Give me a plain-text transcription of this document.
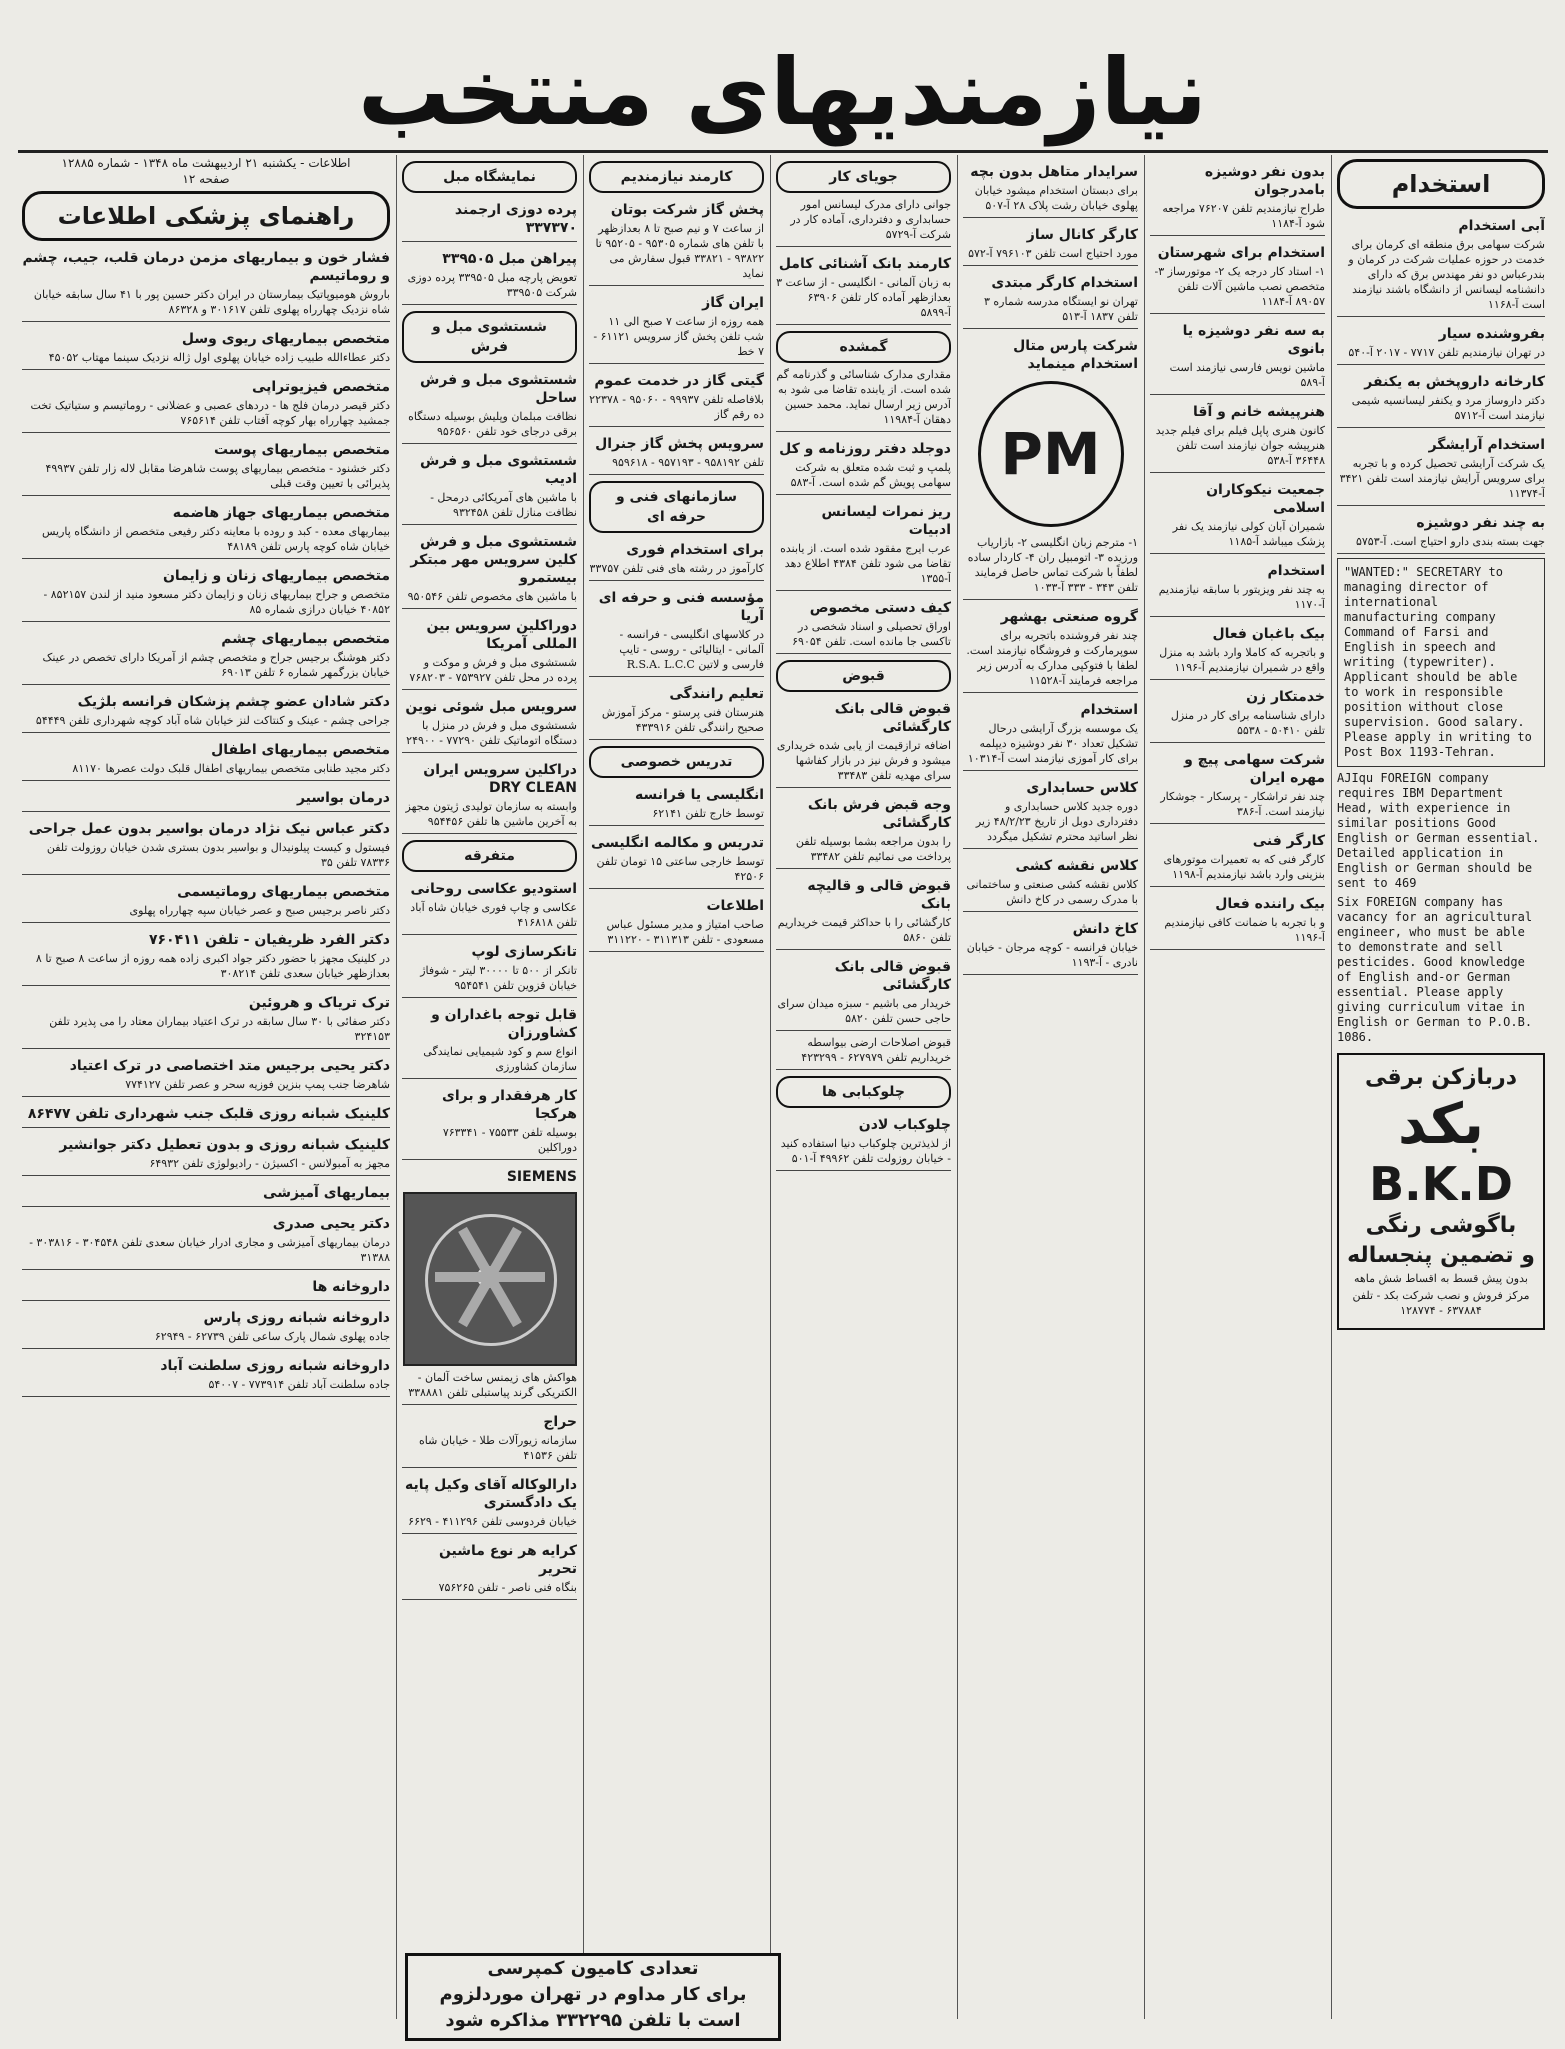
نیازمندیهای منتخب
اطلاعات - یکشنبه ۲۱ اردیبهشت ماه ۱۳۴۸ - شماره ۱۲۸۸۵
صفحه ۱۲
راهنمای پزشکی اطلاعات
فشار خون و بیماریهای مزمن درمان قلب، جیب، چشم و روماتیسم
باروش هومیوپاتیک بیمارستان در ایران دکتر حسین پور با ۴۱ سال سابقه خیابان شاه نزدیک چهارراه پهلوی تلفن ۳۰۱۶۱۷ و ۸۶۳۲۸
متخصص بیماریهای ریوی وسل
دکتر عطاءالله طبیب زاده خیابان پهلوی اول ژاله نزدیک سینما مهتاب ۴۵۰۵۲
متخصص فیزیوتراپی
دکتر قیصر درمان فلج ها - دردهای عصبی و عضلانی - روماتیسم و ستیاتیک تخت جمشید چهارراه بهار کوچه آفتاب تلفن ۷۶۵۶۱۴
متخصص بیماریهای پوست
دکتر خشنود - متخصص بیماریهای پوست شاهرضا مقابل لاله زار تلفن ۴۹۹۳۷ پذیرائی با تعیین وقت قبلی
متخصص بیماریهای جهاز هاضمه
بیماریهای معده - کبد و روده با معاینه دکتر رفیعی متخصص از دانشگاه پاریس خیابان شاه کوچه پارس تلفن ۴۸۱۸۹
متخصص بیماریهای زنان و زایمان
متخصص و جراح بیماریهای زنان و زایمان دکتر مسعود منید از لندن ۸۵۲۱۵۷ - ۴۰۸۵۲ خیابان درازی شماره ۸۵
متخصص بیماریهای چشم
دکتر هوشنگ برجیس جراح و متخصص چشم از آمریکا دارای تخصص در عینک خیابان بزرگمهر شماره ۶ تلفن ۶۹۰۱۳
دکتر شادان عضو چشم پزشکان فرانسه بلژیک
جراحی چشم - عینک و کنتاکت لنز خیابان شاه آباد کوچه شهرداری تلفن ۵۴۴۴۹
متخصص بیماریهای اطفال
دکتر مجید طنابی متخصص بیماریهای اطفال قلبک دولت عصرها ۸۱۱۷۰
درمان بواسیر
دکتر عباس نیک نژاد درمان بواسیر بدون عمل جراحی
فیستول و کیست پیلونیدال و بواسیر بدون بستری شدن خیابان روزولت تلفن ۷۸۳۳۶ تلفن ۳۵
متخصص بیماریهای روماتیسمی
دکتر ناصر برجیس صبح و عصر خیابان سپه چهارراه پهلوی
دکتر الفرد ظریفیان - تلفن ۷۶۰۴۱۱
در کلینیک مجهز با حضور دکتر جواد اکبری زاده همه روزه از ساعت ۸ صبح تا ۸ بعدازظهر خیابان سعدی تلفن ۳۰۸۲۱۴
ترک تریاک و هروئین
دکتر صفائی با ۳۰ سال سابقه در ترک اعتیاد بیماران معتاد را می پذیرد تلفن ۳۲۴۱۵۳
دکتر یحیی برجیس متد اختصاصی در ترک اعتیاد
شاهرضا جنب پمپ بنزین فوزیه سحر و عصر تلفن ۷۷۴۱۲۷
کلینیک شبانه روزی قلبک جنب شهرداری تلفن ۸۶۴۷۷
کلینیک شبانه روزی و بدون تعطیل دکتر جوانشیر
مجهز به آمبولانس - اکسیژن - رادیولوژی تلفن ۶۴۹۳۲
بیماریهای آمیزشی
دکتر یحیی صدری
درمان بیماریهای آمیزشی و مجاری ادرار خیابان سعدی تلفن ۳۰۴۵۴۸ - ۳۰۳۸۱۶ - ۳۱۳۸۸
داروخانه ها
داروخانه شبانه روزی پارس
جاده پهلوی شمال پارک ساعی تلفن ۶۲۷۳۹ - ۶۲۹۴۹
داروخانه شبانه روزی سلطنت آباد
جاده سلطنت آباد تلفن ۷۷۳۹۱۴ - ۵۴۰۰۷
نمایشگاه مبل
پرده دوزی ارجمند ۳۳۷۳۷۰
پیراهن مبل ۳۳۹۵۰۵
تعویض پارچه مبل ۳۳۹۵۰۵ پرده دوزی شرکت ۳۳۹۵۰۵
شستشوی مبل و فرش
شستشوی مبل و فرش ساحل
نظافت مبلمان وپلیش بوسیله دستگاه برقی درجای خود تلفن ۹۵۶۵۶۰
شستشوی مبل و فرش ادیب
با ماشین های آمریکائی درمحل - نظافت منازل تلفن ۹۳۲۴۵۸
شستشوی مبل و فرش کلین سرویس مهر مبتکر بیستمرو
با ماشین های مخصوص تلفن ۹۵۰۵۴۶
دوراکلین سرویس بین المللی آمریکا
شستشوی مبل و فرش و موکت و پرده در محل تلفن ۷۵۳۹۲۷ - ۷۶۸۲۰۳
سرویس مبل شوئی نوین
شستشوی مبل و فرش در منزل با دستگاه اتوماتیک تلفن ۷۷۲۹۰ - ۲۴۹۰۰
دراکلین سرویس ایران DRY CLEAN
وابسته به سازمان تولیدی ژیتون مجهز به آخرین ماشین ها تلفن ۹۵۴۴۵۶
متفرقه
استودیو عکاسی روحانی
عکاسی و چاپ فوری خیابان شاه آباد تلفن ۴۱۶۸۱۸
تانکرسازی لوپ
تانکر از ۵۰۰ تا ۳۰۰۰۰ لیتر - شوفاژ خیابان قزوین تلفن ۹۵۴۵۴۱
قابل توجه باغداران و کشاورزان
انواع سم و کود شیمیایی نمایندگی سازمان کشاورزی
کار هرفقدار و برای هرکجا
بوسیله تلفن ۷۵۵۳۳ - ۷۶۳۳۴۱ دوراکلین
SIEMENS
هواکش های زیمنس ساخت آلمان - الکتریکی گرند پیاستبلی تلفن ۳۳۸۸۸۱
حراج
سازمانه زیورآلات طلا - خیابان شاه تلفن ۴۱۵۳۶
دارالوکاله آقای وکیل پایه یک دادگستری
خیابان فردوسی تلفن ۴۱۱۲۹۶ - ۶۶۲۹
کرایه هر نوع ماشین تحریر
بنگاه فنی ناصر - تلفن ۷۵۶۲۶۵
کارمند نیازمندیم
پخش گاز شرکت بوتان
از ساعت ۷ و نیم صبح تا ۸ بعدازظهر با تلفن های شماره ۹۵۳۰۵ - ۹۵۲۰۵ تا ۹۳۸۲۲ - ۳۳۸۲۱ قبول سفارش می نماید
ایران گاز
همه روزه از ساعت ۷ صبح الی ۱۱ شب تلفن پخش گاز سرویس ۶۱۱۲۱ - ۷ خط
گیتی گاز در خدمت عموم
بلافاصله تلفن ۹۹۹۳۷ - ۹۵۰۶۰ - ۲۲۳۷۸ ده رقم گاز
سرویس پخش گاز جنرال
تلفن ۹۵۸۱۹۲ - ۹۵۷۱۹۳ - ۹۵۹۶۱۸
سازمانهای فنی و حرفه ای
برای استخدام فوری
کارآموز در رشته های فنی تلفن ۳۳۷۵۷
مؤسسه فنی و حرفه ای آریا
در کلاسهای انگلیسی - فرانسه - آلمانی - ایتالیائی - روسی - تایپ فارسی و لاتین R.S.A. L.C.C
تعلیم رانندگی
هنرستان فنی پرستو - مرکز آموزش صحیح رانندگی تلفن ۴۳۳۹۱۶
تدریس خصوصی
انگلیسی یا فرانسه
توسط خارج تلفن ۶۲۱۴۱
تدریس و مکالمه انگلیسی
توسط خارجی ساعتی ۱۵ تومان تلفن ۴۲۵۰۶
اطلاعات
صاحب امتیاز و مدیر مسئول عباس مسعودی - تلفن ۳۱۱۳۱۳ - ۳۱۱۲۲۰
جویای کار
جوانی دارای مدرک لیسانس امور حسابداری و دفترداری، آماده کار در شرکت آ-۵۷۲۹
کارمند بانک آشنائی کامل
به زبان آلمانی - انگلیسی - از ساعت ۳ بعدازظهر آماده کار تلفن ۶۳۹۰۶ آ-۵۸۹۹
گمشده
مقداری مدارک شناسائی و گذرنامه گم شده است. از یابنده تقاضا می شود به آدرس زیر ارسال نماید. محمد حسین دهقان آ-۱۱۹۸۴
دوجلد دفتر روزنامه و کل
پلمپ و ثبت شده متعلق به شرکت سهامی پویش گم شده است. آ-۵۸۳
ریز نمرات لیسانس ادبیات
عرب ایرج مفقود شده است. از یابنده تقاضا می شود تلفن ۴۳۸۴ اطلاع دهد آ-۱۳۵۵
کیف دستی مخصوص
اوراق تحصیلی و اسناد شخصی در تاکسی جا مانده است. تلفن ۶۹۰۵۴
قبوض
قبوض قالی بانک کارگشائی
اضافه ترازقیمت از یابی شده خریداری میشود و فرش نیز در بازار کفاشها سرای مهدیه تلفن ۳۳۴۸۳
وجه قبض فرش بانک کارگشائی
را بدون مراجعه بشما بوسیله تلفن پرداخت می نمائیم تلفن ۳۳۴۸۲
قبوض قالی و قالیچه بانک
کارگشائی را با حداکثر قیمت خریداریم تلفن ۵۸۶۰
قبوض قالی بانک کارگشائی
خریدار می باشیم - سبزه میدان سرای حاجی حسن تلفن ۵۸۲۰
قبوض اصلاحات ارضی بیواسطه خریداریم تلفن ۶۲۷۹۷۹ - ۴۲۳۲۹۹
چلوکبابی ها
چلوکباب لادن
از لذیذترین چلوکباب دنیا استفاده کنید - خیابان روزولت تلفن ۴۹۹۶۲ آ-۵۰۱
سرایدار متاهل بدون بچه
برای دبستان استخدام میشود خیابان پهلوی خیابان رشت پلاک ۲۸ آ-۵۰۷
کارگر کانال ساز
مورد احتیاج است تلفن ۷۹۶۱۰۳ آ-۵۷۲
استخدام کارگر مبتدی
تهران نو ایستگاه مدرسه شماره ۳ تلفن ۱۸۳۷ آ-۵۱۳
شرکت پارس متال استخدام مینماید
PM
۱- مترجم زبان انگلیسی ۲- بازاریاب ورزیده ۳- اتومبیل ران ۴- کاردار ساده لطفاً با شرکت تماس حاصل فرمایند تلفن ۳۴۳ - ۳۳۳ آ-۱۰۳۳
گروه صنعتی بهشهر
چند نفر فروشنده باتجربه برای سوپرمارکت و فروشگاه نیازمند است. لطفا با فتوکپی مدارک به آدرس زیر مراجعه فرمایند آ-۱۱۵۲۸
استخدام
یک موسسه بزرگ آرایشی درحال تشکیل تعداد ۳۰ نفر دوشیزه دیپلمه برای کار آموزی نیازمند است آ-۱۰۳۱۴
کلاس حسابداری
دوره جدید کلاس حسابداری و دفترداری دوبل از تاریخ ۴۸/۲/۲۳ زیر نظر اساتید محترم تشکیل میگردد
کلاس نقشه کشی
کلاس نقشه کشی صنعتی و ساختمانی با مدرک رسمی در کاخ دانش
کاخ دانش
خیابان فرانسه - کوچه مرجان - خیابان نادری - آ-۱۱۹۳
بدون نفر دوشیزه بامدرجوان
طراح نیازمندیم تلفن ۷۶۲۰۷ مراجعه شود آ-۱۱۸۴
استخدام برای شهرستان
۱- استاد کار درجه یک ۲- موتورساز ۳- متخصص نصب ماشین آلات تلفن ۸۹۰۵۷ آ-۱۱۸۴
به سه نفر دوشیزه یا بانوی
ماشین نویس فارسی نیازمند است آ-۵۸۹
هنرپیشه خانم و آقا
کانون هنری پاپل فیلم برای فیلم جدید هنرپیشه جوان نیازمند است تلفن ۳۶۴۴۸ آ-۵۳۸
جمعیت نیکوکاران اسلامی
شمیران آبان کولی نیازمند یک نفر پزشک میباشد آ-۱۱۸۵
استخدام
به چند نفر ویزیتور با سابقه نیازمندیم آ-۱۱۷۰
بیک باغبان فعال
و باتجربه که کاملا وارد باشد به منزل واقع در شمیران نیازمندیم آ-۱۱۹۶
خدمتکار زن
دارای شناسنامه برای کار در منزل تلفن ۵۰۴۱۰ - ۵۵۳۸
شرکت سهامی پیچ و مهره ایران
چند نفر تراشکار - پرسکار - جوشکار نیازمند است. آ-۳۸۶
کارگر فنی
کارگر فنی که به تعمیرات موتورهای بنزینی وارد باشد نیازمندیم آ-۱۱۹۸
بیک راننده فعال
و با تجربه با ضمانت کافی نیازمندیم آ-۱۱۹۶
استخدام
آبی استخدام
شرکت سهامی برق منطقه ای کرمان برای خدمت در حوزه عملیات شرکت در کرمان و بندرعباس دو نفر مهندس برق که دارای دانشنامه لیسانس از دانشگاه باشند نیازمند است آ-۱۱۶۸
بفروشنده سیار
در تهران نیازمندیم تلفن ۷۷۱۷ - ۲۰۱۷ آ-۵۴۰
کارخانه داروپخش به یکنفر
دکتر داروساز مرد و یکنفر لیسانسیه شیمی نیازمند است آ-۵۷۱۲
استخدام آرایشگر
یک شرکت آرایشی تحصیل کرده و با تجربه برای سرویس آرایش نیازمند است تلفن ۳۴۲۱ آ-۱۱۳۷۴
به چند نفر دوشیزه
جهت بسته بندی دارو احتیاج است. آ-۵۷۵۳
"WANTED:" SECRETARY to managing director of international manufacturing company Command of Farsi and English in speech and writing (typewriter). Applicant should be able to work in responsible position without close supervision. Good salary. Please apply in writing to Post Box 1193-Tehran.
AJIqu FOREIGN company requires IBM Department Head, with experience in similar positions Good English or German essential. Detailed application in English or German should be sent to 469
Six FOREIGN company has vacancy for an agricultural engineer, who must be able to demonstrate and sell pesticides. Good knowledge of English and-or German essential. Please apply giving curriculum vitae in English or German to P.O.B. 1086.
دربازکن برقی
بکد
B.K.D
باگوشی رنگی
و تضمین پنجساله
بدون پیش قسط به اقساط شش ماهه
مرکز فروش و نصب شرکت بکد - تلفن ۶۳۷۸۸۴ - ۱۲۸۷۷۴
تعدادی کامیون کمپرسی
برای کار مداوم در تهران موردلزوم
است با تلفن ۳۳۲۲۹۵ مذاکره شود
